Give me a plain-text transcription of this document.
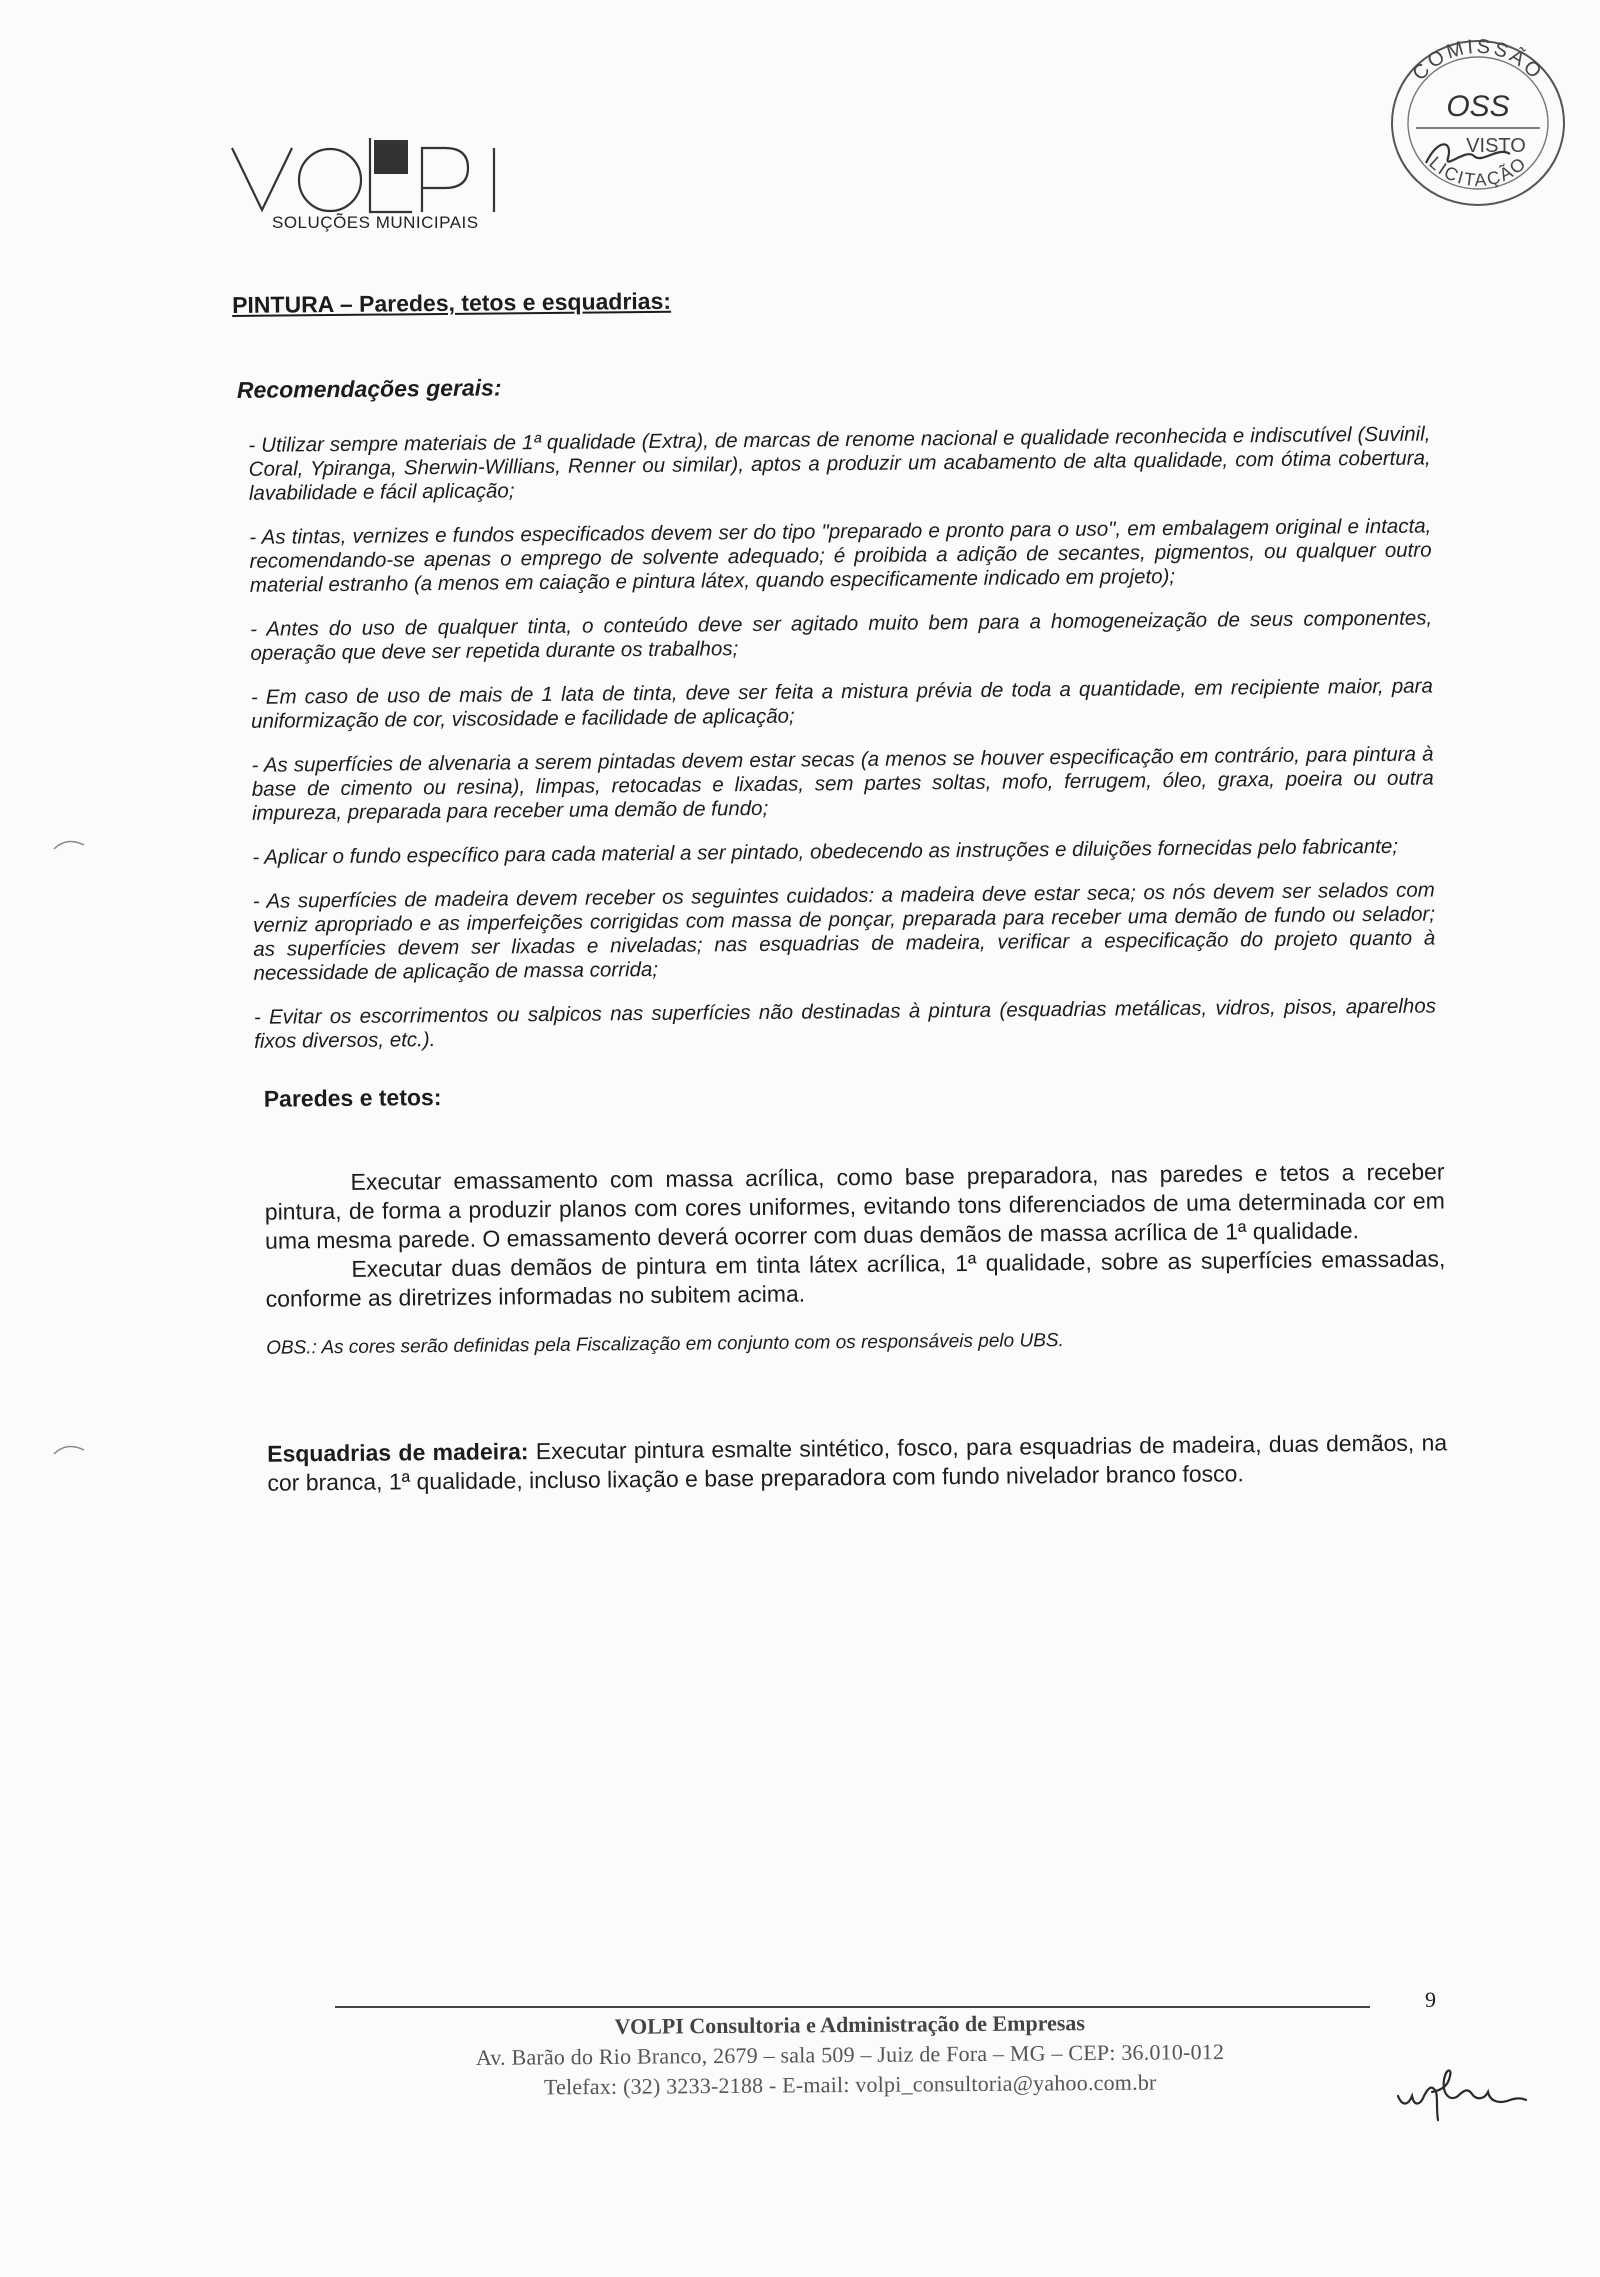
SOLUÇÕES MUNICIPAIS
COMISSÃO
LICITAÇÃO
OSS
VISTO
PINTURA – Paredes, tetos e esquadrias:
Recomendações gerais:
- Utilizar sempre materiais de 1ª qualidade (Extra), de marcas de renome nacional e qualidade reconhecida e indiscutível (Suvinil, Coral, Ypiranga, Sherwin-Willians, Renner ou similar), aptos a produzir um acabamento de alta qualidade, com ótima cobertura, lavabilidade e fácil aplicação;
- As tintas, vernizes e fundos especificados devem ser do tipo "preparado e pronto para o uso", em embalagem original e intacta, recomendando-se apenas o emprego de solvente adequado; é proibida a adição de secantes, pigmentos, ou qualquer outro material estranho (a menos em caiação e pintura látex, quando especificamente indicado em projeto);
- Antes do uso de qualquer tinta, o conteúdo deve ser agitado muito bem para a homogeneização de seus componentes, operação que deve ser repetida durante os trabalhos;
- Em caso de uso de mais de 1 lata de tinta, deve ser feita a mistura prévia de toda a quantidade, em recipiente maior, para uniformização de cor, viscosidade e facilidade de aplicação;
- As superfícies de alvenaria a serem pintadas devem estar secas (a menos se houver especificação em contrário, para pintura à base de cimento ou resina), limpas, retocadas e lixadas, sem partes soltas, mofo, ferrugem, óleo, graxa, poeira ou outra impureza, preparada para receber uma demão de fundo;
- Aplicar o fundo específico para cada material a ser pintado, obedecendo as instruções e diluições fornecidas pelo fabricante;
- As superfícies de madeira devem receber os seguintes cuidados: a madeira deve estar seca; os nós devem ser selados com verniz apropriado e as imperfeições corrigidas com massa de ponçar, preparada para receber uma demão de fundo ou selador; as superfícies devem ser lixadas e niveladas; nas esquadrias de madeira, verificar a especificação do projeto quanto à necessidade de aplicação de massa corrida;
- Evitar os escorrimentos ou salpicos nas superfícies não destinadas à pintura (esquadrias metálicas, vidros, pisos, aparelhos fixos diversos, etc.).
Paredes e tetos:
Executar emassamento com massa acrílica, como base preparadora, nas paredes e tetos a receber pintura, de forma a produzir planos com cores uniformes, evitando tons diferenciados de uma determinada cor em uma mesma parede. O emassamento deverá ocorrer com duas demãos de massa acrílica de 1ª qualidade.
Executar duas demãos de pintura em tinta látex acrílica, 1ª qualidade, sobre as superfícies emassadas, conforme as diretrizes informadas no subitem acima.
OBS.: As cores serão definidas pela Fiscalização em conjunto com os responsáveis pelo UBS.
Esquadrias de madeira: Executar pintura esmalte sintético, fosco, para esquadrias de madeira, duas demãos, na cor branca, 1ª qualidade, incluso lixação e base preparadora com fundo nivelador branco fosco.
9
VOLPI Consultoria e Administração de Empresas
Av. Barão do Rio Branco, 2679 – sala 509 – Juiz de Fora – MG – CEP: 36.010-012
Telefax: (32) 3233-2188 - E-mail: volpi_consultoria@yahoo.com.br
